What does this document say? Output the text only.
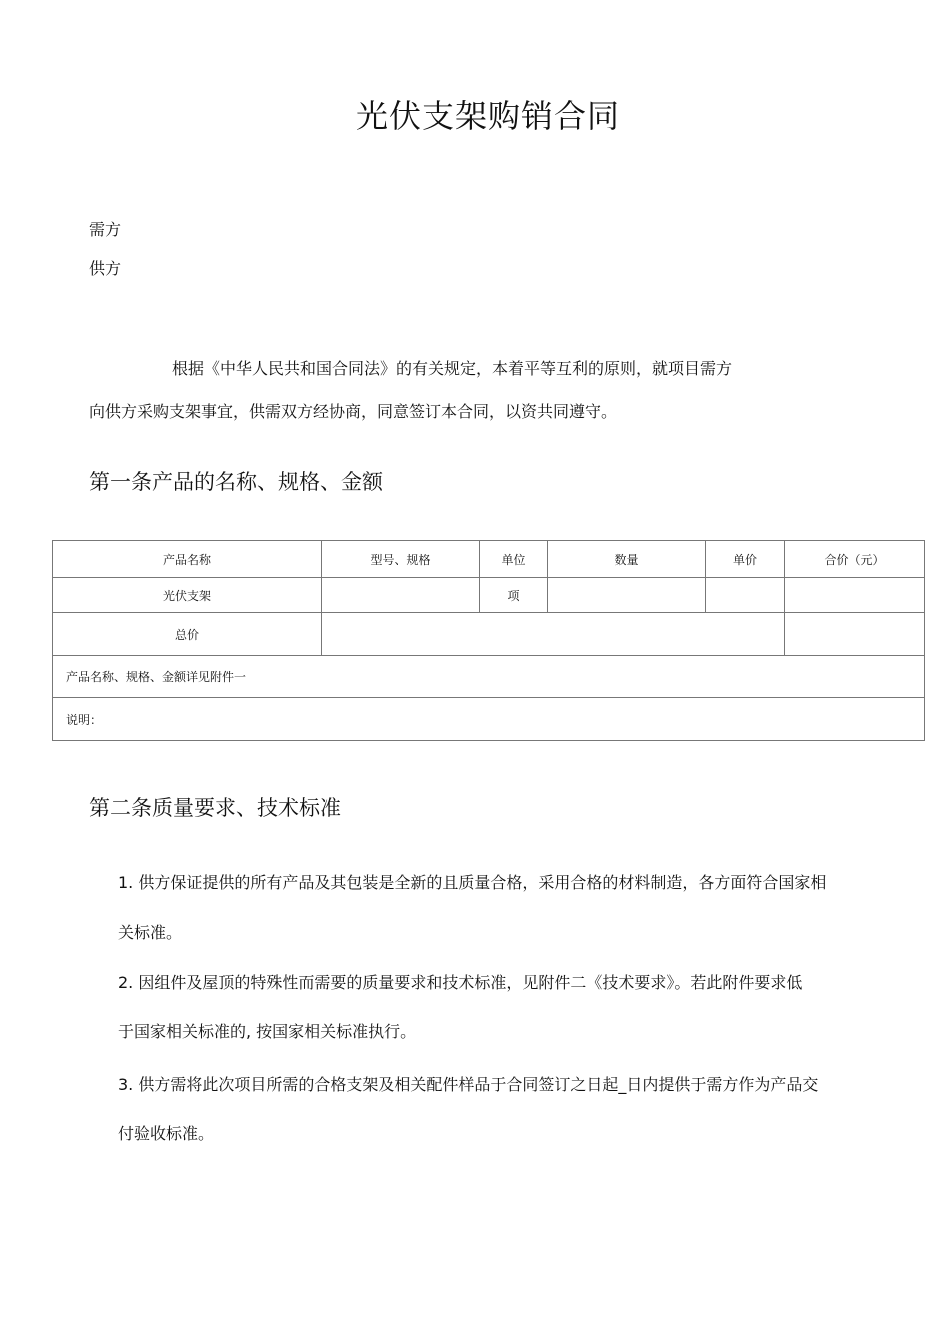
光伏支架购销合同
需方
供方
根据《中华人民共和国合同法》的有关规定，本着平等互利的原则，就项目需方
向供方采购支架事宜，供需双方经协商，同意签订本合同，以资共同遵守。
第一条产品的名称、规格、金额
产品名称	型号、规格	单位	数量	单价	合价（元）
光伏支架		项			
总价					
产品名称、规格、金额详见附件一					
说明：					
第二条质量要求、技术标准
1. 供方保证提供的所有产品及其包装是全新的且质量合格，采用合格的材料制造，各方面符合国家相
关标准。
2. 因组件及屋顶的特殊性而需要的质量要求和技术标准，见附件二《技术要求》。若此附件要求低
于国家相关标准的, 按国家相关标准执行。
3. 供方需将此次项目所需的合格支架及相关配件样品于合同签订之日起_日内提供于需方作为产品交
付验收标准。
